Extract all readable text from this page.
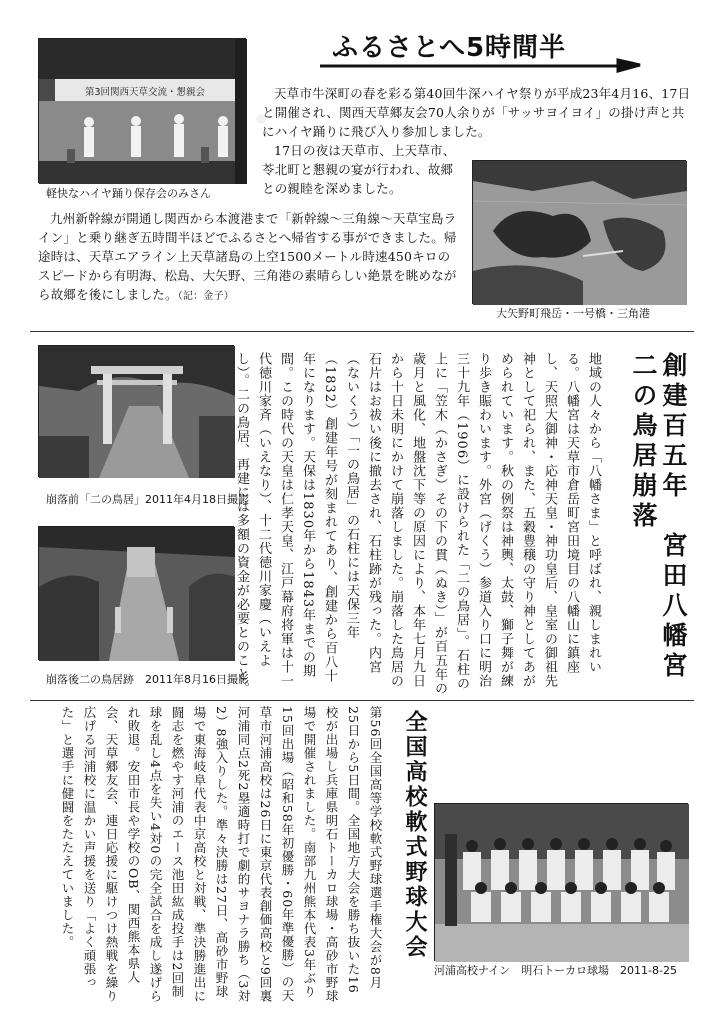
第3回関西天草交流・懇親会
軽快なハイヤ踊り保存会のみさん
ふるさとへ5時間半
天草市牛深町の春を彩る第40回牛深ハイヤ祭りが平成23年4月16、17日と開催され、関西天草郷友会70人余りが「サッサヨイヨイ」の掛け声と共にハイヤ踊りに飛び入り参加しました。
17日の夜は天草市、上天草市、苓北町と懇親の宴が行われ、故郷との親睦を深めました。
大矢野町飛岳・一号橋・三角港
九州新幹線が開通し関西から本渡港まで「新幹線～三角線～天草宝島ライン」と乗り継ぎ五時間半ほどでふるさとへ帰省する事ができました。帰途時は、天草エアライン上天草諸島の上空1500メートル時速450キロのスピードから有明海、松島、大矢野、三角港の素晴らしい絶景を眺めながら故郷を後にしました。（記：金子）
崩落前「二の鳥居」2011年4月18日撮影
崩落後二の鳥居跡　2011年8月16日撮影	創建百五年　宮田八幡宮二の鳥居崩落
地域の人々から「八幡さま」と呼ばれ、親しまれいる。八幡宮は天草市倉岳町宮田境目の八幡山に鎮座し、天照大御神・応神天皇・神功皇后、皇室の御祖先神として祀られ、また、五穀豊穣の守り神としてあがめられています。秋の例祭は神輿、太鼓、獅子舞が練り歩き賑わいます。外宮（げくう）参道入り口に明治三十九年（1906）に設けられた「二の鳥居」。石柱の上に「笠木（かさぎ）その下の貫（ぬき）」が百五年の歳月と風化、地盤沈下等の原因により、本年七月九日から十日未明にかけて崩落しました。崩落した鳥居の石片はお祓い後に撤去され、石柱跡が残った。内宮（ないくう）「一の鳥居」の石柱には天保三年（1832）創建年号が刻まれてあり、創建から百八十年になります。天保は1830年から1843年までの期間。この時代の天皇は仁孝天皇、江戸幕府将軍は十一代徳川家斉（いえなり）、十二代徳川家慶（いえよし）。二の鳥居、再建には多額の資金が必要とのこと。
第56回全国高等学校軟式野球選手権大会が8月25日から5日間。全国地方大会を勝ち抜いた16校が出場し兵庫県明石トーカロ球場・高砂市野球場で開催されました。南部九州熊本代表3年ぶり15回出場（昭和58年初優勝・60年準優勝）の天草市河浦高校は26日に東京代表創価高校と9回裏河浦同点2死2塁適時打で劇的サヨナラ勝ち（3対2）8強入りした。準々決勝は27日、高砂市野球場で東海岐阜代表中京高校と対戦、準決勝進出に闘志を燃やす河浦のエース池田紘成投手は2回制球を乱し4点を失い4対0の完全試合を成し遂げられ敗退。安田市長や学校のOB、関西熊本県人会、天草郷友会、連日応援に駆けつけ熱戦を繰り広げる河浦校に温かい声援を送り「よく頑張った」と選手に健闘をたたえていました。	全国高校軟式野球大会
河浦高校ナイン　明石トーカロ球場　2011-8-25
